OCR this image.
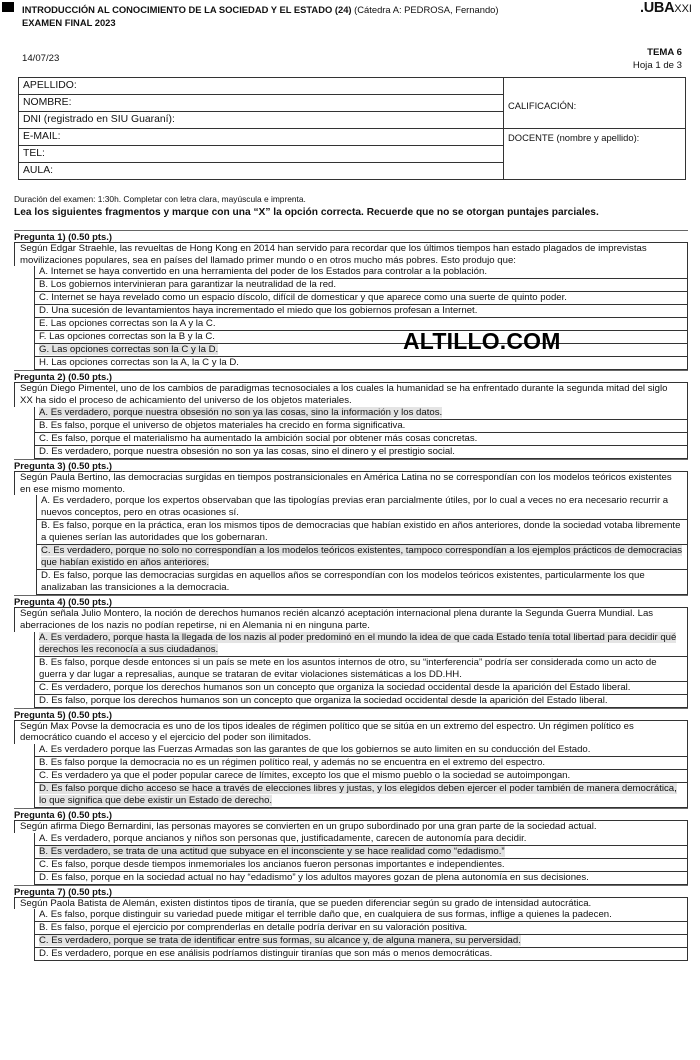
INTRODUCCIÓN AL CONOCIMIENTO DE LA SOCIEDAD Y EL ESTADO (24) (Cátedra A: PEDROSA, Fernando)
EXAMEN FINAL 2023
.UBAXXI
14/07/23
TEMA 6
Hoja 1 de 3
APELLIDO:	CALIFICACIÓN:
NOMBRE:	
DNI (registrado en SIU Guaraní):	
E-MAIL:	DOCENTE (nombre y apellido):
TEL:	
AULA:	
Duración del examen: 1:30h. Completar con letra clara, mayúscula e imprenta.
Lea los siguientes fragmentos y marque con una “X” la opción correcta. Recuerde que no se otorgan puntajes parciales.
Pregunta 1) (0.50 pts.)
Según Edgar Straehle, las revueltas de Hong Kong en 2014 han servido para recordar que los últimos tiempos han estado plagados de imprevistas movilizaciones populares, sea en países del llamado primer mundo o en otros mucho más pobres. Esto produjo que:
A. Internet se haya convertido en una herramienta del poder de los Estados para controlar a la población.
B. Los gobiernos intervinieran para garantizar la neutralidad de la red.
C. Internet se haya revelado como un espacio díscolo, difícil de domesticar y que aparece como una suerte de quinto poder.
D. Una sucesión de levantamientos haya incrementado el miedo que los gobiernos profesan a Internet.
E. Las opciones correctas son la A y la C.
F. Las opciones correctas son la B y la C.
G. Las opciones correctas son la C y la D.
H. Las opciones correctas son la A, la C y la D.
Pregunta 2) (0.50 pts.)
Según Diego Pimentel, uno de los cambios de paradigmas tecnosociales a los cuales la humanidad se ha enfrentado durante la segunda mitad del siglo XX ha sido el proceso de achicamiento del universo de los objetos materiales.
A. Es verdadero, porque nuestra obsesión no son ya las cosas, sino la información y los datos.
B. Es falso, porque el universo de objetos materiales ha crecido en forma significativa.
C. Es falso, porque el materialismo ha aumentado la ambición social por obtener más cosas concretas.
D. Es verdadero, porque nuestra obsesión no son ya las cosas, sino el dinero y el prestigio social.
Pregunta 3) (0.50 pts.)
Según Paula Bertino, las democracias surgidas en tiempos postransicionales en América Latina no se correspondían con los modelos teóricos existentes en ese mismo momento.
A. Es verdadero, porque los expertos observaban que las tipologías previas eran parcialmente útiles, por lo cual a veces no era necesario recurrir a nuevos conceptos, pero en otras ocasiones sí.
B. Es falso, porque en la práctica, eran los mismos tipos de democracias que habían existido en años anteriores, donde la sociedad votaba libremente a quienes serían las autoridades que los gobernaran.
C. Es verdadero, porque no solo no correspondían a los modelos teóricos existentes, tampoco correspondían a los ejemplos prácticos de democracias que habían existido en años anteriores.
D. Es falso, porque las democracias surgidas en aquellos años se correspondían con los modelos teóricos existentes, particularmente los que analizaban las transiciones a la democracia.
Pregunta 4) (0.50 pts.)
Según señala Julio Montero, la noción de derechos humanos recién alcanzó aceptación internacional plena durante la Segunda Guerra Mundial. Las aberraciones de los nazis no podían repetirse, ni en Alemania ni en ninguna parte.
A. Es verdadero, porque hasta la llegada de los nazis al poder predominó en el mundo la idea de que cada Estado tenía total libertad para decidir qué derechos les reconocía a sus ciudadanos.
B. Es falso, porque desde entonces si un país se mete en los asuntos internos de otro, su “interferencia” podría ser considerada como un acto de guerra y dar lugar a represalias, aunque se trataran de evitar violaciones sistemáticas a los DD.HH.
C. Es verdadero, porque los derechos humanos son un concepto que organiza la sociedad occidental desde la aparición del Estado liberal.
D. Es falso, porque los derechos humanos son un concepto que organiza la sociedad occidental desde la aparición del Estado liberal.
Pregunta 5) (0.50 pts.)
Según Max Povse la democracia es uno de los tipos ideales de régimen político que se sitúa en un extremo del espectro. Un régimen político es democrático cuando el acceso y el ejercicio del poder son ilimitados.
A. Es verdadero porque las Fuerzas Armadas son las garantes de que los gobiernos se auto limiten en su conducción del Estado.
B. Es falso porque la democracia no es un régimen político real, y además no se encuentra en el extremo del espectro.
C. Es verdadero ya que el poder popular carece de límites, excepto los que el mismo pueblo o la sociedad se autoimpongan.
D. Es falso porque dicho acceso se hace a través de elecciones libres y justas, y los elegidos deben ejercer el poder también de manera democrática, lo que significa que debe existir un Estado de derecho.
Pregunta 6) (0.50 pts.)
Según afirma Diego Bernardini, las personas mayores se convierten en un grupo subordinado por una gran parte de la sociedad actual.
A. Es verdadero, porque ancianos y niños son personas que, justificadamente, carecen de autonomía para decidir.
B. Es verdadero, se trata de una actitud que subyace en el inconsciente y se hace realidad como “edadismo.”
C. Es falso, porque desde tiempos inmemoriales los ancianos fueron personas importantes e independientes.
D. Es falso, porque en la sociedad actual no hay “edadismo” y los adultos mayores gozan de plena autonomía en sus decisiones.
Pregunta 7) (0.50 pts.)
Según Paola Batista de Alemán, existen distintos tipos de tiranía, que se pueden diferenciar según su grado de intensidad autocrática.
A. Es falso, porque distinguir su variedad puede mitigar el terrible daño que, en cualquiera de sus formas, inflige a quienes la padecen.
B. Es falso, porque el ejercicio por comprenderlas en detalle podría derivar en su valoración positiva.
C. Es verdadero, porque se trata de identificar entre sus formas, su alcance y, de alguna manera, su perversidad.
D. Es verdadero, porque en ese análisis podríamos distinguir tiranías que son más o menos democráticas.
ALTILLO.COM
